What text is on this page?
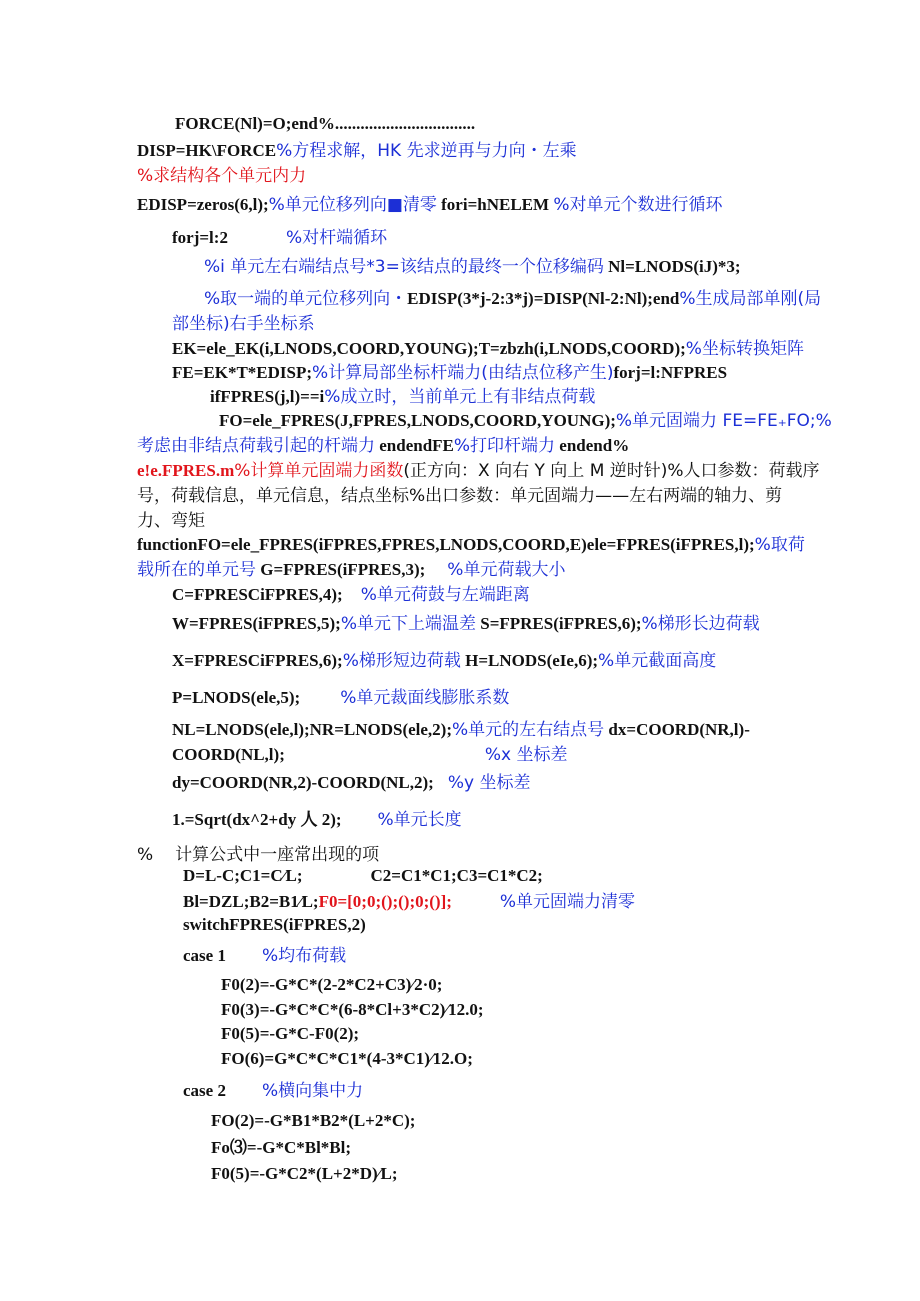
FORCE(Nl)=O;end%.................................
DISP=HK\FORCE%方程求解，HK 先求逆再与力向・左乘
%求结构各个单元内力
EDISP=zeros(6,l);%单元位移列向■清零 fori=hNELEM %对单元个数进行循环
forj=l:2	%对杆端循环
%i 单元左右端结点号*3=该结点的最终一个位移编码 Nl=LNODS(iJ)*3;
%取一端的单元位移列向・EDISP(3*j-2:3*j)=DISP(Nl-2:Nl);end%生成局部单刚(局
部坐标)右手坐标系
EK=ele_EK(i,LNODS,COORD,YOUNG);T=zbzh(i,LNODS,COORD);%坐标转换矩阵
FE=EK*T*EDISP;%计算局部坐标杆端力(由结点位移产生)forj=l:NFPRES
ifFPRES(j,l)==i%成立时，当前单元上有非结点荷载
FO=ele_FPRES(J,FPRES,LNODS,COORD,YOUNG);%单元固端力 FE=FE₊FO;%
考虑由非结点荷载引起的杆端力 endendFE%打印杆端力 endend%
e!e.FPRES.m%计算单元固端力函数(正方向：X 向右 Y 向上 M 逆时针)%人口参数：荷载序
号，荷载信息，单元信息，结点坐标%出口参数：单元固端力——左右两端的轴力、剪
力、弯矩
functionFO=ele_FPRES(iFPRES,FPRES,LNODS,COORD,E)ele=FPRES(iFPRES,l);%取荷
载所在的单元号 G=FPRES(iFPRES,3); %单元荷载大小
C=FPRESCiFPRES,4); %单元荷鼓与左端距离
W=FPRES(iFPRES,5);%单元下上端温差 S=FPRES(iFPRES,6);%梯形长边荷载
X=FPRESCiFPRES,6);%梯形短边荷载 H=LNODS(eIe,6);%单元截面高度
P=LNODS(ele,5); %单元裁面线膨胀系数
NL=LNODS(ele,l);NR=LNODS(ele,2);%单元的左右结点号 dx=COORD(NR,l)-
COORD(NL,l);	%x 坐标差
dy=COORD(NR,2)-COORD(NL,2); %y 坐标差
1.=Sqrt(dx^2+dy 人 2); %单元长度
% 计算公式中一座常出现的项
D=L-C;C1=C⁄L;	C2=C1*C1;C3=C1*C2;
Bl=DZL;B2=B1⁄L;F0=[0;0;();();0;()];	%单元固端力清零
switchFPRES(iFPRES,2)
case 1 %均布荷载
F0(2)=-G*C*(2-2*C2+C3)⁄2·0;
F0(3)=-G*C*C*(6-8*Cl+3*C2)⁄12.0;
F0(5)=-G*C-F0(2);
FO(6)=G*C*C*C1*(4-3*C1)⁄12.O;
case 2 %横向集中力
FO(2)=-G*B1*B2*(L+2*C);
Fo⑶=-G*C*Bl*Bl;
F0(5)=-G*C2*(L+2*D)⁄L;
